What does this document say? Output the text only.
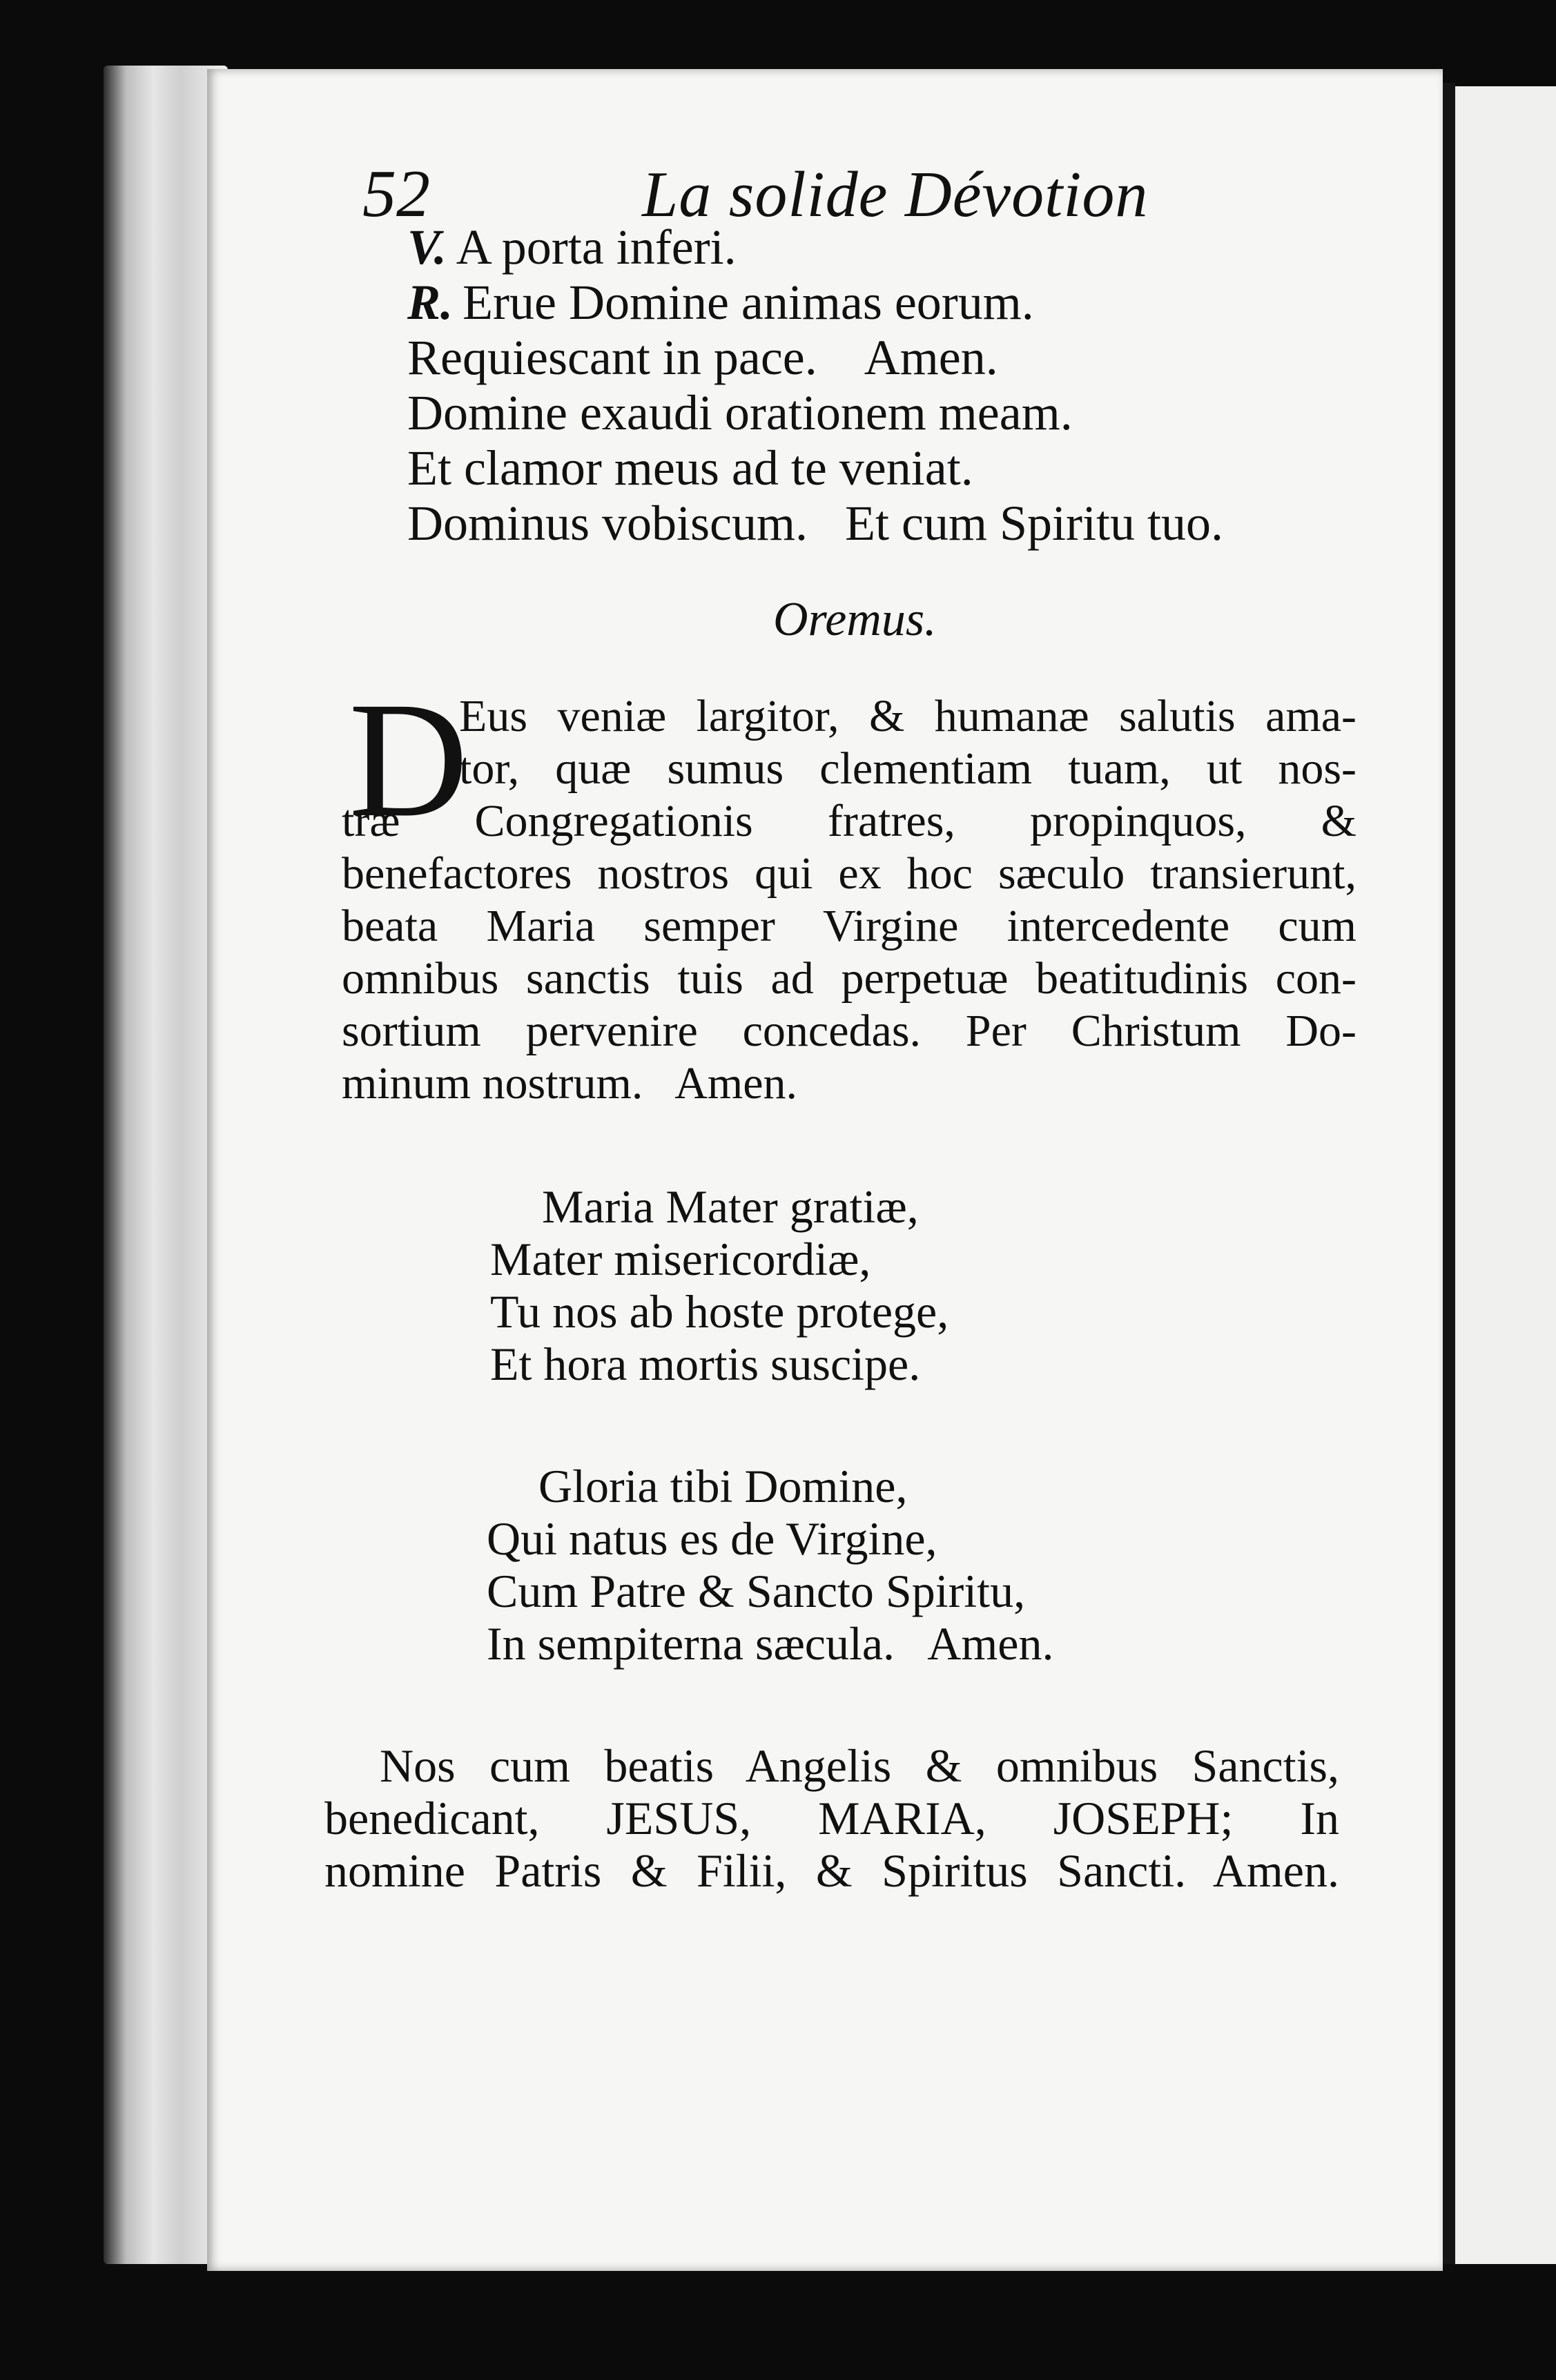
52	La solide Dévotion
V. A porta inferi.
R. Erue Domine animas eorum.
Requiescant in pace.    Amen.
Domine exaudi orationem meam.
Et clamor meus ad te veniat.
Dominus vobiscum.   Et cum Spiritu tuo.
Oremus.
D
Eus veniæ largitor, & humanæ salutis ama-
tor, quæ sumus clementiam tuam, ut nos-
træ Congregationis fratres, propinquos, &
benefactores nostros qui ex hoc sæculo transierunt,
beata Maria semper Virgine intercedente cum
omnibus sanctis tuis ad perpetuæ beatitudinis con-
sortium pervenire concedas. Per Christum Do-
minum nostrum.   Amen.
Maria Mater gratiæ,
Mater misericordiæ,
Tu nos ab hoste protege,
Et hora mortis suscipe.
Gloria tibi Domine,
Qui natus es de Virgine,
Cum Patre & Sancto Spiritu,
In sempiterna sæcula.   Amen.
Nos cum beatis Angelis & omnibus Sanctis,
benedicant, JESUS, MARIA, JOSEPH; In
nomine Patris & Filii, & Spiritus Sancti. Amen.
